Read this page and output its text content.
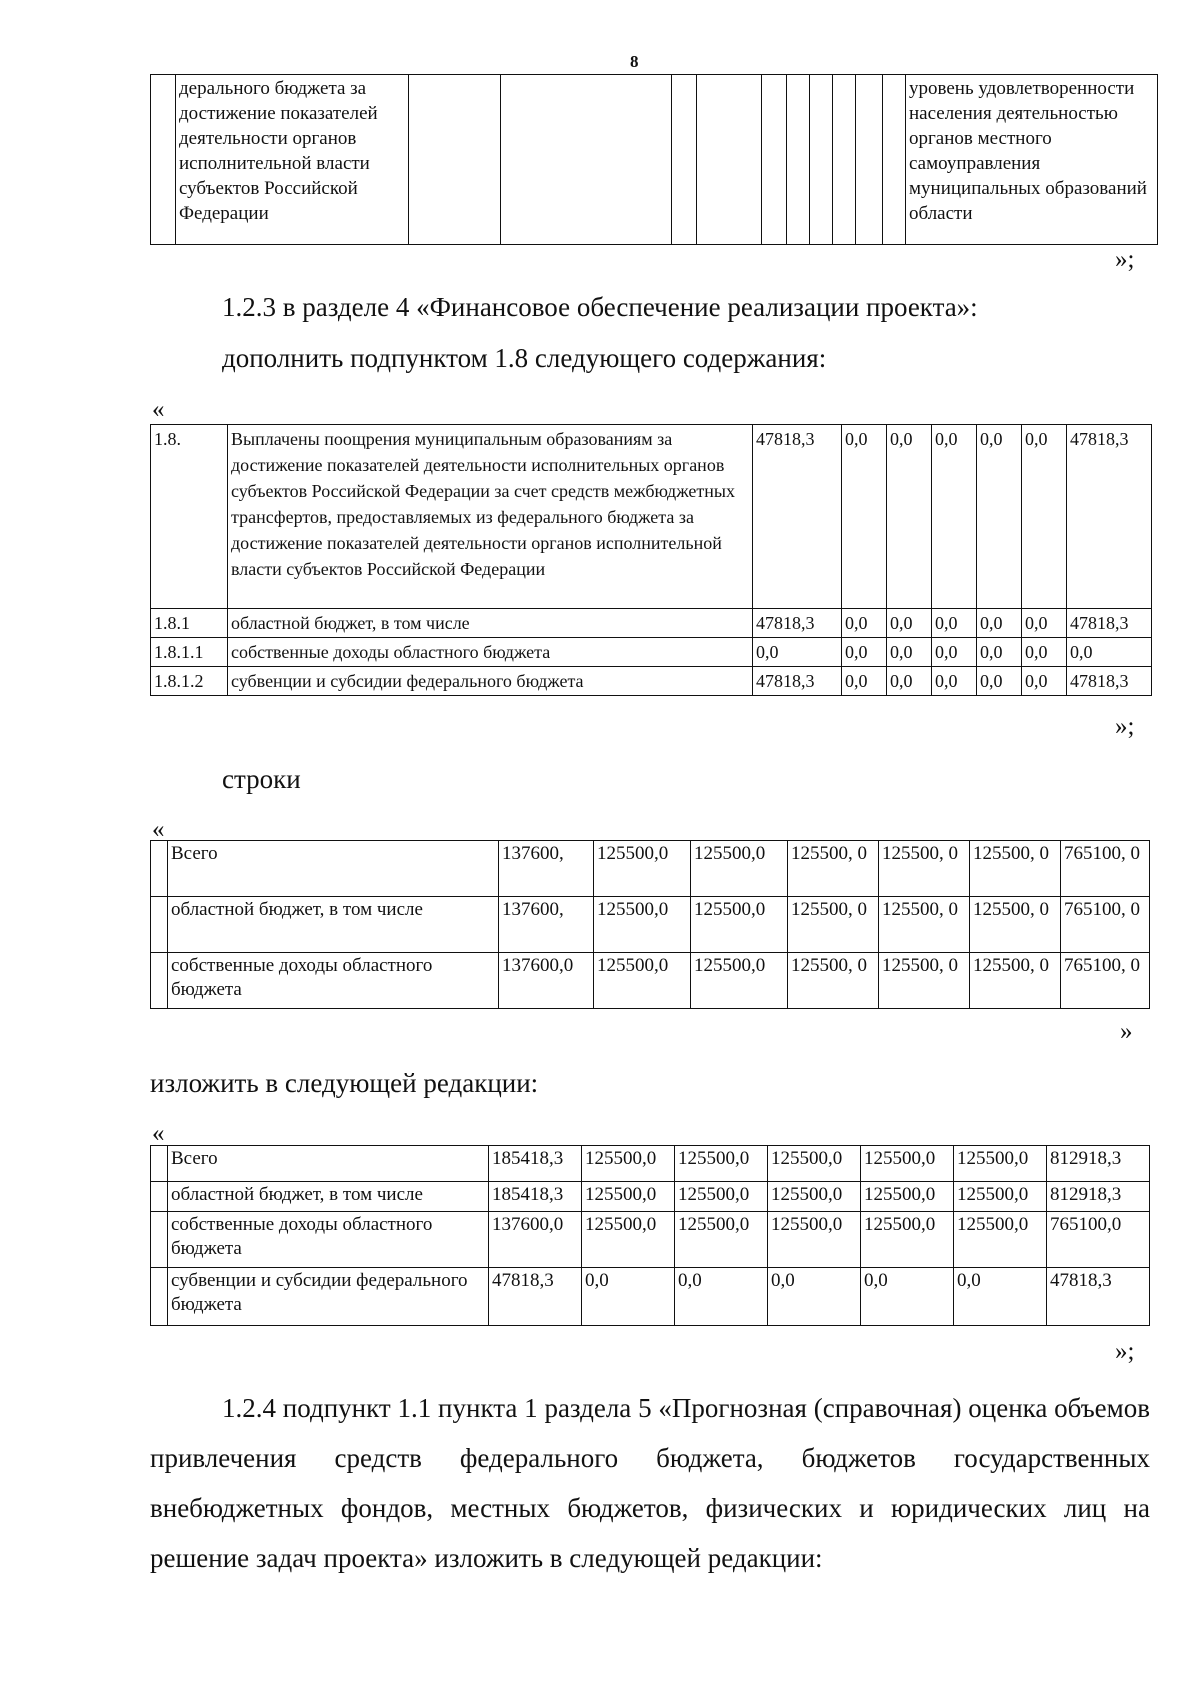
8
	дерального бюджета за достижение показателей деятельности органов исполнительной власти субъектов Российской Федерации											уровень удовлетворенности населения деятельностью органов местного самоуправления муниципальных образований области
»;
1.2.3 в разделе 4 «Финансовое обеспечение реализации проекта»:
дополнить подпунктом 1.8 следующего содержания:
«
1.8.	Выплачены поощрения муниципальным образованиям за достижение показателей деятельности исполнительных органов субъектов Российской Федерации за счет средств межбюджетных трансфертов, предоставляемых из федерального бюджета за достижение показателей деятельности органов исполнительной власти субъектов Российской Федерации	47818,3	0,0	0,0	0,0	0,0	0,0	47818,3
1.8.1	областной бюджет, в том числе	47818,3	0,0	0,0	0,0	0,0	0,0	47818,3
1.8.1.1	собственные доходы областного бюджета	0,0	0,0	0,0	0,0	0,0	0,0	0,0
1.8.1.2	субвенции и субсидии федерального бюджета	47818,3	0,0	0,0	0,0	0,0	0,0	47818,3
»;
строки
«
	Всего	137600,	125500,0	125500,0	125500, 0	125500, 0	125500, 0	765100, 0
	областной бюджет, в том числе	137600,	125500,0	125500,0	125500, 0	125500, 0	125500, 0	765100, 0
	собственные доходы областного бюджета	137600,0	125500,0	125500,0	125500, 0	125500, 0	125500, 0	765100, 0
»
изложить в следующей редакции:
«
	Всего	185418,3	125500,0	125500,0	125500,0	125500,0	125500,0	812918,3
	областной бюджет, в том числе	185418,3	125500,0	125500,0	125500,0	125500,0	125500,0	812918,3
	собственные доходы областного бюджета	137600,0	125500,0	125500,0	125500,0	125500,0	125500,0	765100,0
	субвенции и субсидии федерального бюджета	47818,3	0,0	0,0	0,0	0,0	0,0	47818,3
»;
1.2.4 подпункт 1.1 пункта 1 раздела 5 «Прогнозная (справочная) оценка объемов привлечения средств федерального бюджета, бюджетов государственных внебюджетных фондов, местных бюджетов, физических и юридических лиц на решение задач проекта» изложить в следующей редакции:
